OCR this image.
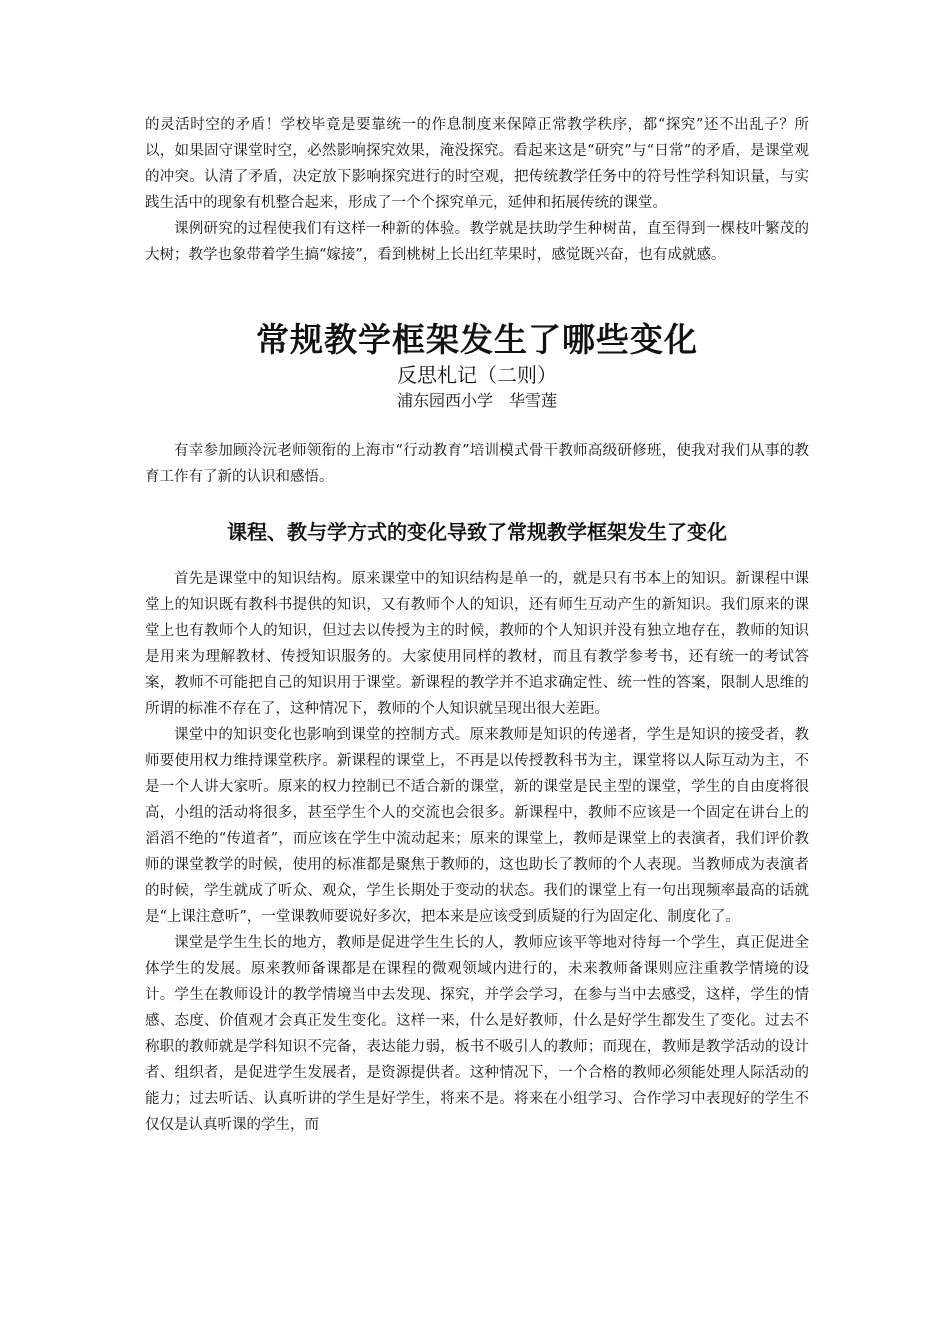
的灵活时空的矛盾！学校毕竟是要靠统一的作息制度来保障正常教学秩序，都“探究”还不出乱子？所以，如果固守课堂时空，必然影响探究效果，淹没探究。看起来这是“研究”与“日常”的矛盾，是课堂观的冲突。认清了矛盾，决定放下影响探究进行的时空观，把传统教学任务中的符号性学科知识量，与实践生活中的现象有机整合起来，形成了一个个探究单元，延伸和拓展传统的课堂。

课例研究的过程使我们有这样一种新的体验。教学就是扶助学生种树苗，直至得到一棵枝叶繁茂的大树；教学也象带着学生搞“嫁接”，看到桃树上长出红苹果时，感觉既兴奋，也有成就感。

常规教学框架发生了哪些变化
反思札记（二则）
浦东园西小学　华雪莲

有幸参加顾泠沅老师领衔的上海市“行动教育”培训模式骨干教师高级研修班，使我对我们从事的教育工作有了新的认识和感悟。

课程、教与学方式的变化导致了常规教学框架发生了变化

首先是课堂中的知识结构。原来课堂中的知识结构是单一的，就是只有书本上的知识。新课程中课堂上的知识既有教科书提供的知识，又有教师个人的知识，还有师生互动产生的新知识。我们原来的课堂上也有教师个人的知识，但过去以传授为主的时候，教师的个人知识并没有独立地存在，教师的知识是用来为理解教材、传授知识服务的。大家使用同样的教材，而且有教学参考书，还有统一的考试答案，教师不可能把自己的知识用于课堂。新课程的教学并不追求确定性、统一性的答案，限制人思维的所谓的标准不存在了，这种情况下，教师的个人知识就呈现出很大差距。

课堂中的知识变化也影响到课堂的控制方式。原来教师是知识的传递者，学生是知识的接受者，教师要使用权力维持课堂秩序。新课程的课堂上，不再是以传授教科书为主，课堂将以人际互动为主，不是一个人讲大家听。原来的权力控制已不适合新的课堂，新的课堂是民主型的课堂，学生的自由度将很高，小组的活动将很多，甚至学生个人的交流也会很多。新课程中，教师不应该是一个固定在讲台上的滔滔不绝的“传道者”，而应该在学生中流动起来；原来的课堂上，教师是课堂上的表演者，我们评价教师的课堂教学的时候，使用的标准都是聚焦于教师的，这也助长了教师的个人表现。当教师成为表演者的时候，学生就成了听众、观众，学生长期处于变动的状态。我们的课堂上有一句出现频率最高的话就是“上课注意听”，一堂课教师要说好多次，把本来是应该受到质疑的行为固定化、制度化了。

课堂是学生生长的地方，教师是促进学生生长的人，教师应该平等地对待每一个学生，真正促进全体学生的发展。原来教师备课都是在课程的微观领域内进行的，未来教师备课则应注重教学情境的设计。学生在教师设计的教学情境当中去发现、探究，并学会学习，在参与当中去感受，这样，学生的情感、态度、价值观才会真正发生变化。这样一来，什么是好教师，什么是好学生都发生了变化。过去不称职的教师就是学科知识不完备，表达能力弱，板书不吸引人的教师；而现在，教师是教学活动的设计者、组织者，是促进学生发展者，是资源提供者。这种情况下，一个合格的教师必须能处理人际活动的能力；过去听话、认真听讲的学生是好学生，将来不是。将来在小组学习、合作学习中表现好的学生不仅仅是认真听课的学生，而
